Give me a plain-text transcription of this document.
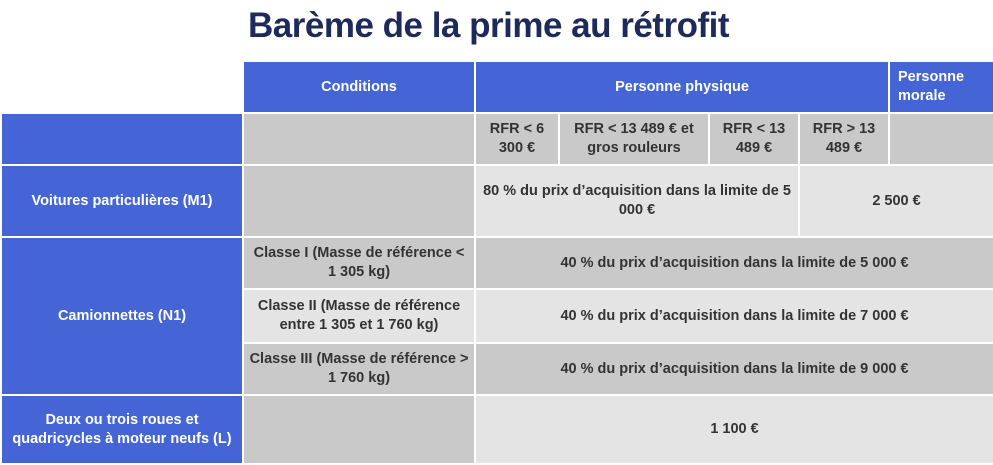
Barème de la prime au rétrofit
	Conditions	Personne physique				Personne morale
		RFR < 6 300 €	RFR < 13 489 € et gros rouleurs	RFR < 13 489 €	RFR > 13 489 €	
Voitures particulières (M1)		80 % du prix d’acquisition dans la limite de 5 000 €			2 500 €	
Camionnettes (N1)	Classe I (Masse de référence < 1 305 kg)	40 % du prix d’acquisition dans la limite de 5 000 €				
	Classe II (Masse de référence entre 1 305 et 1 760 kg)	40 % du prix d’acquisition dans la limite de 7 000 €				
	Classe III (Masse de référence > 1 760 kg)	40 % du prix d’acquisition dans la limite de 9 000 €				
Deux ou trois roues et quadricycles à moteur neufs (L)		1 100 €				
